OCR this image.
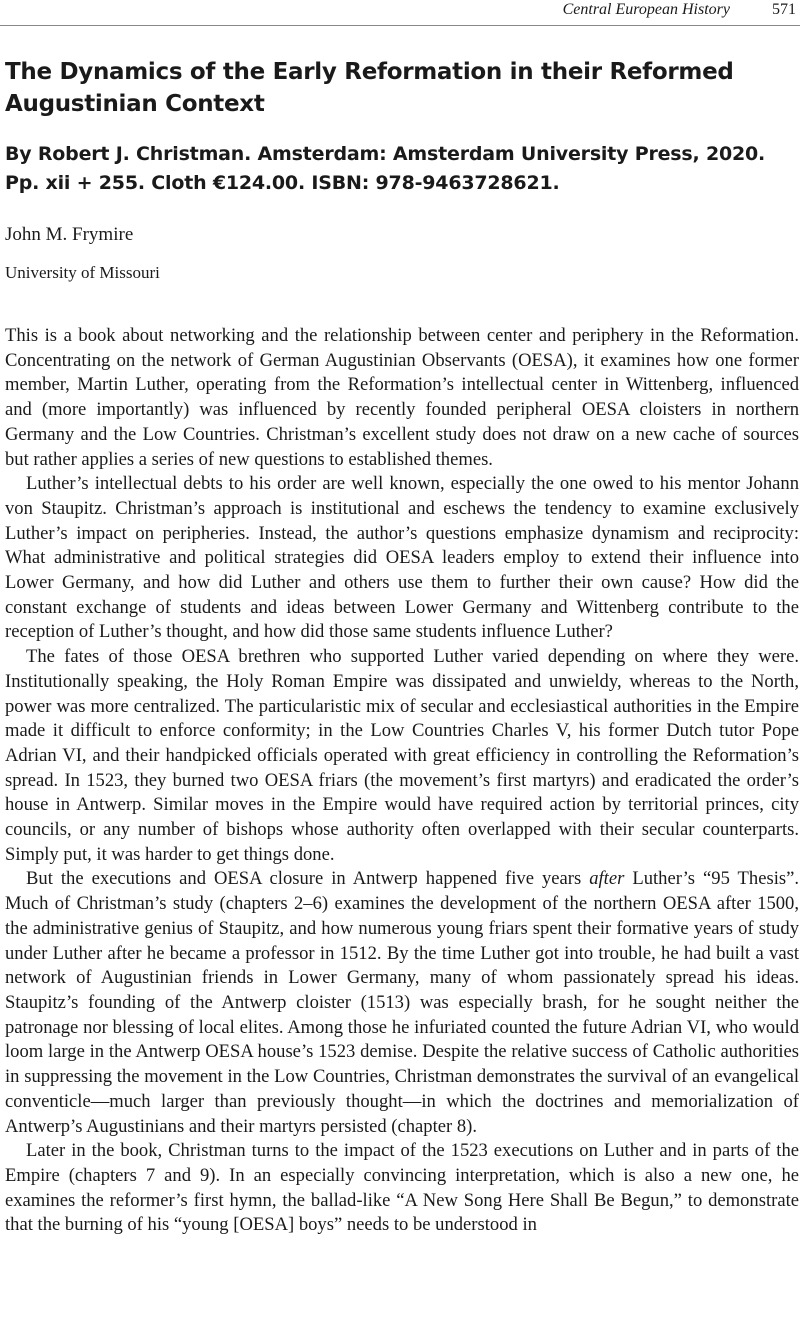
Central European History	571
The Dynamics of the Early Reformation in their Reformed Augustinian Context
By Robert J. Christman. Amsterdam: Amsterdam University Press, 2020. Pp. xii + 255. Cloth €124.00. ISBN: 978-9463728621.
John M. Frymire
University of Missouri

This is a book about networking and the relationship between center and periphery in the Reformation. Concentrating on the network of German Augustinian Observants (OESA), it examines how one former member, Martin Luther, operating from the Reformation’s intellectual center in Wittenberg, influenced and (more importantly) was influenced by recently founded peripheral OESA cloisters in northern Germany and the Low Countries. Christman’s excellent study does not draw on a new cache of sources but rather applies a series of new questions to established themes.

Luther’s intellectual debts to his order are well known, especially the one owed to his mentor Johann von Staupitz. Christman’s approach is institutional and eschews the tendency to examine exclusively Luther’s impact on peripheries. Instead, the author’s questions emphasize dynamism and reciprocity: What administrative and political strategies did OESA leaders employ to extend their influence into Lower Germany, and how did Luther and others use them to further their own cause? How did the constant exchange of students and ideas between Lower Germany and Wittenberg contribute to the reception of Luther’s thought, and how did those same students influence Luther?

The fates of those OESA brethren who supported Luther varied depending on where they were. Institutionally speaking, the Holy Roman Empire was dissipated and unwieldy, whereas to the North, power was more centralized. The particularistic mix of secular and ecclesiastical authorities in the Empire made it difficult to enforce conformity; in the Low Countries Charles V, his former Dutch tutor Pope Adrian VI, and their handpicked officials operated with great efficiency in controlling the Reformation’s spread. In 1523, they burned two OESA friars (the movement’s first martyrs) and eradicated the order’s house in Antwerp. Similar moves in the Empire would have required action by territorial princes, city councils, or any number of bishops whose authority often overlapped with their secular counterparts. Simply put, it was harder to get things done.

But the executions and OESA closure in Antwerp happened five years after Luther’s “95 Thesis”. Much of Christman’s study (chapters 2–6) examines the development of the northern OESA after 1500, the administrative genius of Staupitz, and how numerous young friars spent their formative years of study under Luther after he became a professor in 1512. By the time Luther got into trouble, he had built a vast network of Augustinian friends in Lower Germany, many of whom passionately spread his ideas. Staupitz’s founding of the Antwerp cloister (1513) was especially brash, for he sought neither the patronage nor blessing of local elites. Among those he infuriated counted the future Adrian VI, who would loom large in the Antwerp OESA house’s 1523 demise. Despite the relative success of Catholic authorities in suppressing the movement in the Low Countries, Christman demonstrates the survival of an evangelical conventicle—much larger than previously thought—in which the doctrines and memorialization of Antwerp’s Augustinians and their martyrs persisted (chapter 8).

Later in the book, Christman turns to the impact of the 1523 executions on Luther and in parts of the Empire (chapters 7 and 9). In an especially convincing interpretation, which is also a new one, he examines the reformer’s first hymn, the ballad-like “A New Song Here Shall Be Begun,” to demonstrate that the burning of his “young [OESA] boys” needs to be understood in
